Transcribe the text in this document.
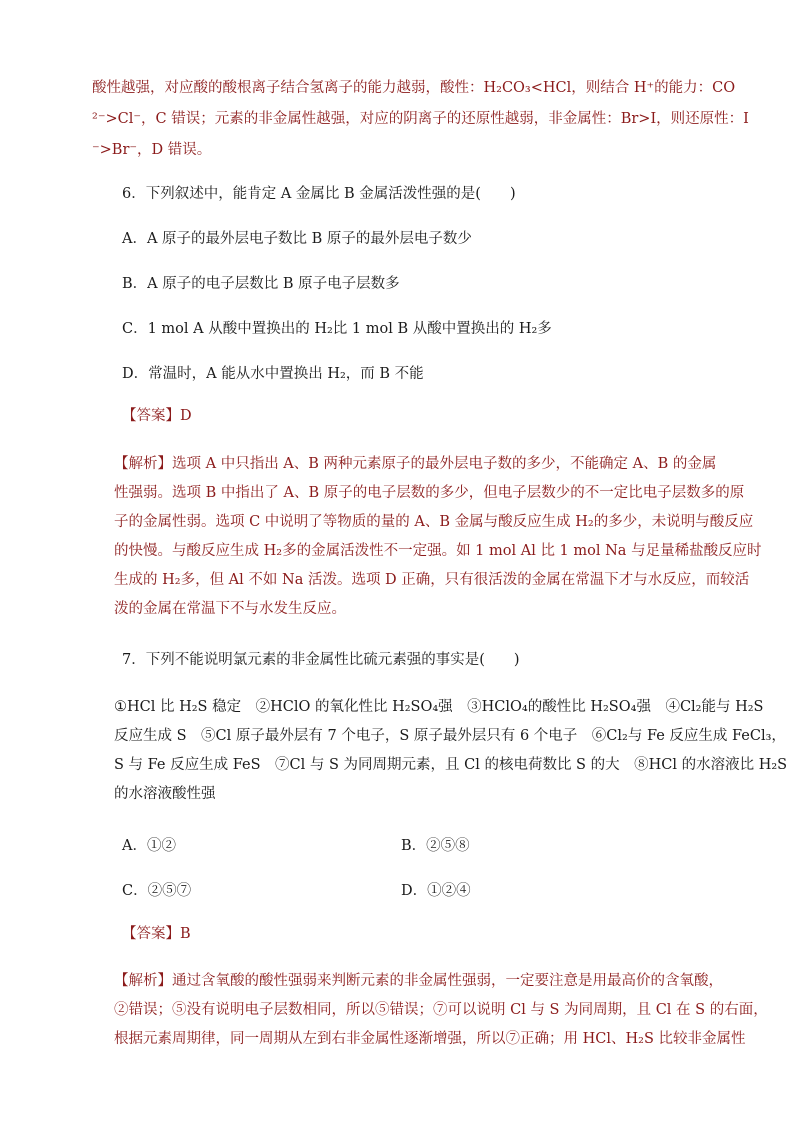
酸性越强，对应酸的酸根离子结合氢离子的能力越弱，酸性：H₂CO₃<HCl，则结合 H⁺的能力：CO
²⁻>Cl⁻，C 错误；元素的非金属性越强，对应的阴离子的还原性越弱，非金属性：Br>I，则还原性：I
⁻>Br⁻，D 错误。
6．下列叙述中，能肯定 A 金属比 B 金属活泼性强的是(　　)
A．A 原子的最外层电子数比 B 原子的最外层电子数少
B．A 原子的电子层数比 B 原子电子层数多
C．1 mol A 从酸中置换出的 H₂比 1 mol B 从酸中置换出的 H₂多
D．常温时，A 能从水中置换出 H₂，而 B 不能
【答案】D
【解析】选项 A 中只指出 A、B 两种元素原子的最外层电子数的多少，不能确定 A、B 的金属
性强弱。选项 B 中指出了 A、B 原子的电子层数的多少，但电子层数少的不一定比电子层数多的原
子的金属性弱。选项 C 中说明了等物质的量的 A、B 金属与酸反应生成 H₂的多少，未说明与酸反应
的快慢。与酸反应生成 H₂多的金属活泼性不一定强。如 1 mol Al 比 1 mol Na 与足量稀盐酸反应时
生成的 H₂多，但 Al 不如 Na 活泼。选项 D 正确，只有很活泼的金属在常温下才与水反应，而较活
泼的金属在常温下不与水发生反应。
7．下列不能说明氯元素的非金属性比硫元素强的事实是(　　)
①HCl 比 H₂S 稳定　②HClO 的氧化性比 H₂SO₄强　③HClO₄的酸性比 H₂SO₄强　④Cl₂能与 H₂S
反应生成 S　⑤Cl 原子最外层有 7 个电子，S 原子最外层只有 6 个电子　⑥Cl₂与 Fe 反应生成 FeCl₃，
S 与 Fe 反应生成 FeS　⑦Cl 与 S 为同周期元素，且 Cl 的核电荷数比 S 的大　⑧HCl 的水溶液比 H₂S
的水溶液酸性强
A．①②	B．②⑤⑧
C．②⑤⑦	D．①②④
【答案】B
【解析】通过含氧酸的酸性强弱来判断元素的非金属性强弱，一定要注意是用最高价的含氧酸，
②错误；⑤没有说明电子层数相同，所以⑤错误；⑦可以说明 Cl 与 S 为同周期，且 Cl 在 S 的右面，
根据元素周期律，同一周期从左到右非金属性逐渐增强，所以⑦正确；用 HCl、H₂S 比较非金属性
